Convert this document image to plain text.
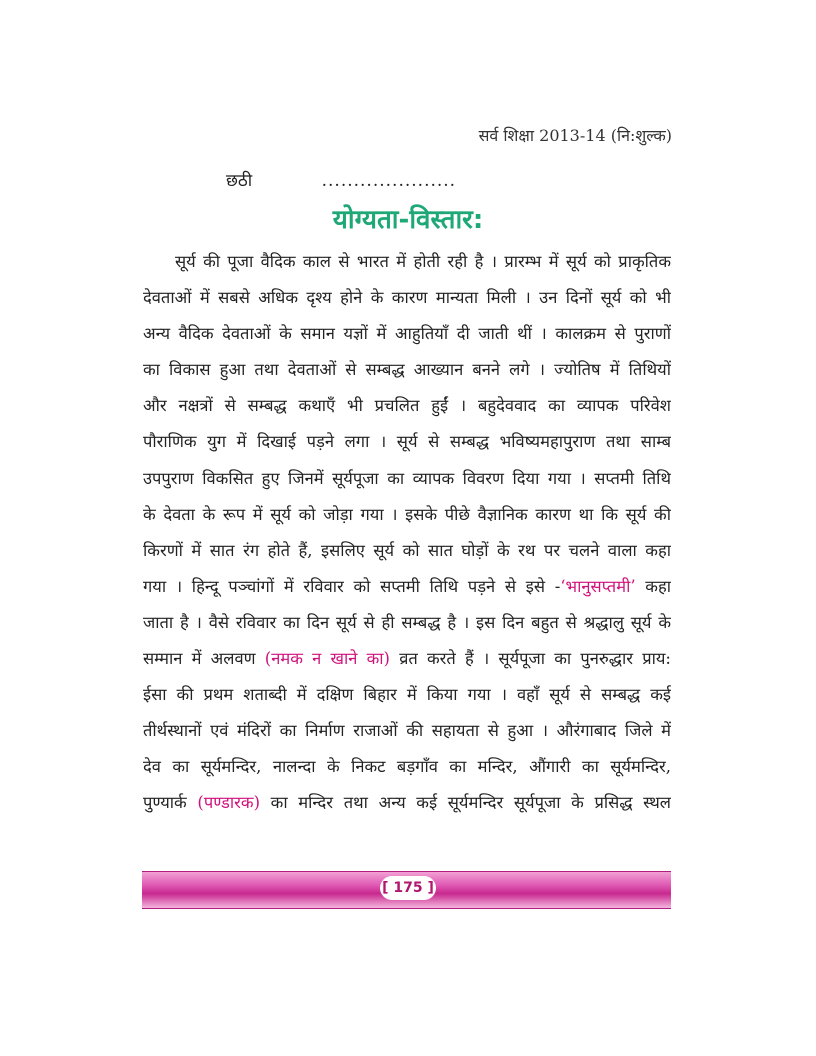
सर्व शिक्षा 2013-14 (नि:शुल्क)
छठी	.....................
योग्यता-विस्तार:
सूर्य की पूजा वैदिक काल से भारत में होती रही है । प्रारम्भ में सूर्य को प्राकृतिक
देवताओं में सबसे अधिक दृश्य होने के कारण मान्यता मिली । उन दिनों सूर्य को भी
अन्य वैदिक देवताओं के समान यज्ञों में आहुतियाँ दी जाती थीं । कालक्रम से पुराणों
का विकास हुआ तथा देवताओं से सम्बद्ध आख्यान बनने लगे । ज्योतिष में तिथियों
और नक्षत्रों से सम्बद्ध कथाएँ भी प्रचलित हुईं । बहुदेववाद का व्यापक परिवेश
पौराणिक युग में दिखाई पड़ने लगा । सूर्य से सम्बद्ध भविष्यमहापुराण तथा साम्ब
उपपुराण विकसित हुए जिनमें सूर्यपूजा का व्यापक विवरण दिया गया । सप्तमी तिथि
के देवता के रूप में सूर्य को जोड़ा गया । इसके पीछे वैज्ञानिक कारण था कि सूर्य की
किरणों में सात रंग होते हैं, इसलिए सूर्य को सात घोड़ों के रथ पर चलने वाला कहा
गया । हिन्दू पञ्चांगों में रविवार को सप्तमी तिथि पड़ने से इसे -‘भानुसप्तमी’ कहा
जाता है । वैसे रविवार का दिन सूर्य से ही सम्बद्ध है । इस दिन बहुत से श्रद्धालु सूर्य के
सम्मान में अलवण (नमक न खाने का) व्रत करते हैं । सूर्यपूजा का पुनरुद्धार प्राय:
ईसा की प्रथम शताब्दी में दक्षिण बिहार में किया गया । वहाँ सूर्य से सम्बद्ध कई
तीर्थस्थानों एवं मंदिरों का निर्माण राजाओं की सहायता से हुआ । औरंगाबाद जिले में
देव का सूर्यमन्दिर, नालन्दा के निकट बड़गाँव का मन्दिर, औंगारी का सूर्यमन्दिर,
पुण्यार्क (पण्डारक) का मन्दिर तथा अन्य कई सूर्यमन्दिर सूर्यपूजा के प्रसिद्ध स्थल
[ 175 ]
